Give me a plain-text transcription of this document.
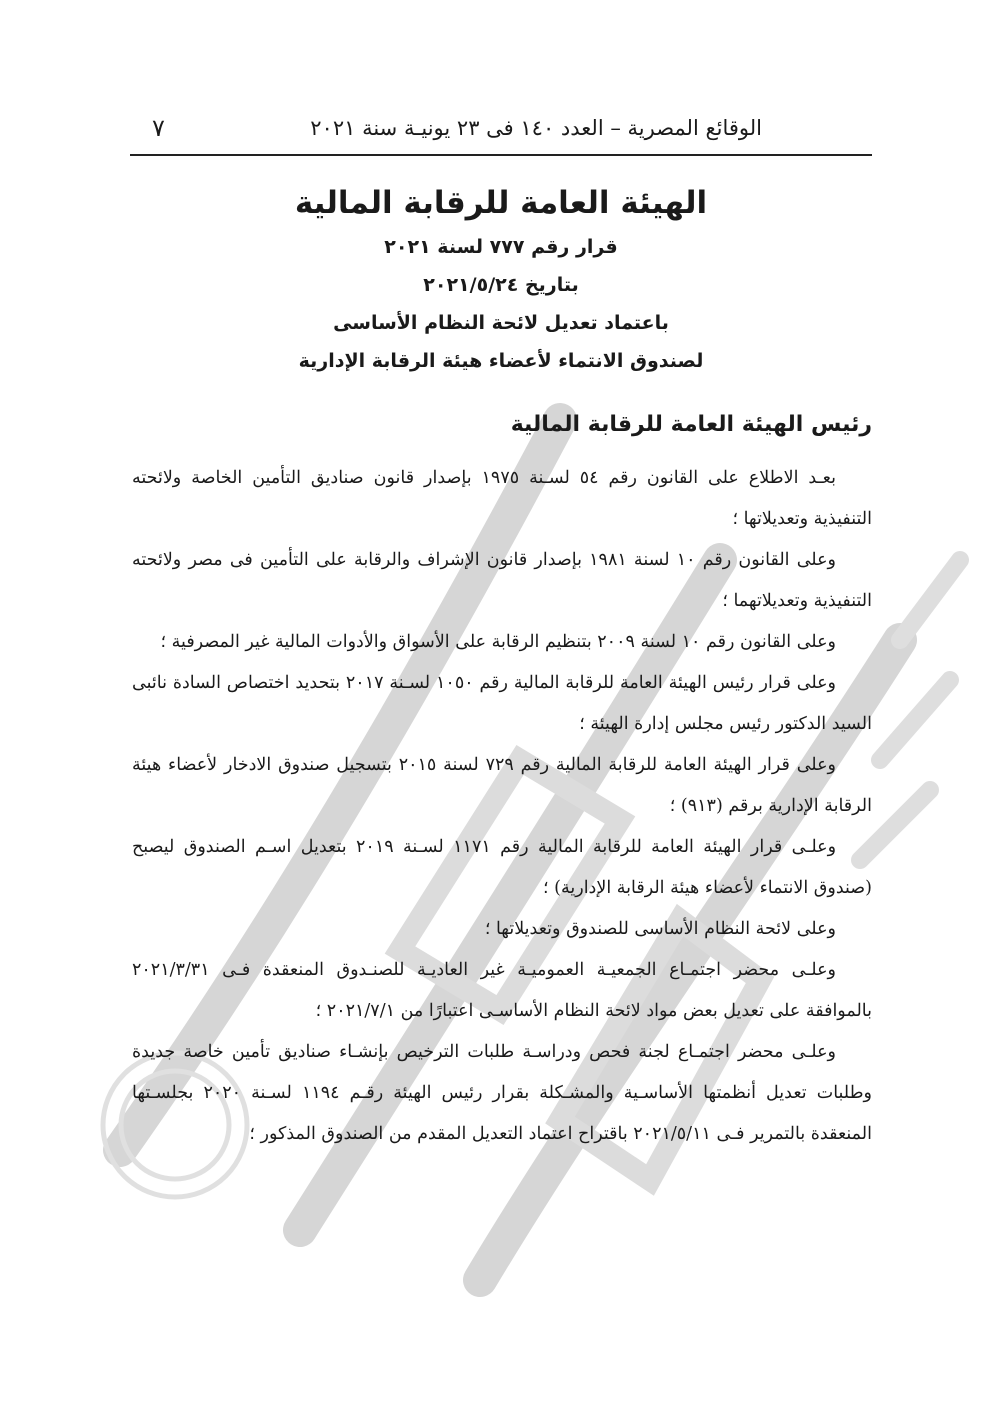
الوقائع المصرية – العدد ١٤٠ فى ٢٣ يونيـة سنة ٢٠٢١
٧
الهيئة العامة للرقابة المالية
قرار رقم ٧٧٧ لسنة ٢٠٢١
بتاريخ ٢٠٢١/٥/٢٤
باعتماد تعديل لائحة النظام الأساسى
لصندوق الانتماء لأعضاء هيئة الرقابة الإدارية
رئيس الهيئة العامة للرقابة المالية

بعـد الاطلاع على القانون رقم ٥٤ لسـنة ١٩٧٥ بإصدار قانون صناديق التأمين الخاصة ولائحته التنفيذية وتعديلاتها ؛

وعلى القانون رقم ١٠ لسنة ١٩٨١ بإصدار قانون الإشراف والرقابة على التأمين فى مصر ولائحته التنفيذية وتعديلاتهما ؛

وعلى القانون رقم ١٠ لسنة ٢٠٠٩ بتنظيم الرقابة على الأسواق والأدوات المالية غير المصرفية ؛

وعلى قرار رئيس الهيئة العامة للرقابة المالية رقم ١٠٥٠ لسـنة ٢٠١٧ بتحديد اختصاص السادة نائبى السيد الدكتور رئيس مجلس إدارة الهيئة ؛

وعلى قرار الهيئة العامة للرقابة المالية رقم ٧٢٩ لسنة ٢٠١٥ بتسجيل صندوق الادخار لأعضاء هيئة الرقابة الإدارية برقم (٩١٣) ؛

وعلـى قرار الهيئة العامة للرقابة المالية رقم ١١٧١ لسـنة ٢٠١٩ بتعديل اسـم الصندوق ليصبح (صندوق الانتماء لأعضاء هيئة الرقابة الإدارية) ؛

وعلى لائحة النظام الأساسى للصندوق وتعديلاتها ؛

وعلـى محضر اجتمـاع الجمعيـة العموميـة غير العاديـة للصنـدوق المنعقدة فـى ٢٠٢١/٣/٣١ بالموافقة على تعديل بعض مواد لائحة النظام الأساسـى اعتبارًا من ٢٠٢١/٧/١ ؛

وعلـى محضر اجتمـاع لجنة فحص ودراسـة طلبات الترخيص بإنشـاء صناديق تأمين خاصة جديدة وطلبات تعديل أنظمتها الأساسـية والمشـكلة بقرار رئيس الهيئة رقـم ١١٩٤ لسـنة ٢٠٢٠ بجلسـتها المنعقدة بالتمرير فـى ٢٠٢١/٥/١١ باقتراح اعتماد التعديل المقدم من الصندوق المذكور ؛
